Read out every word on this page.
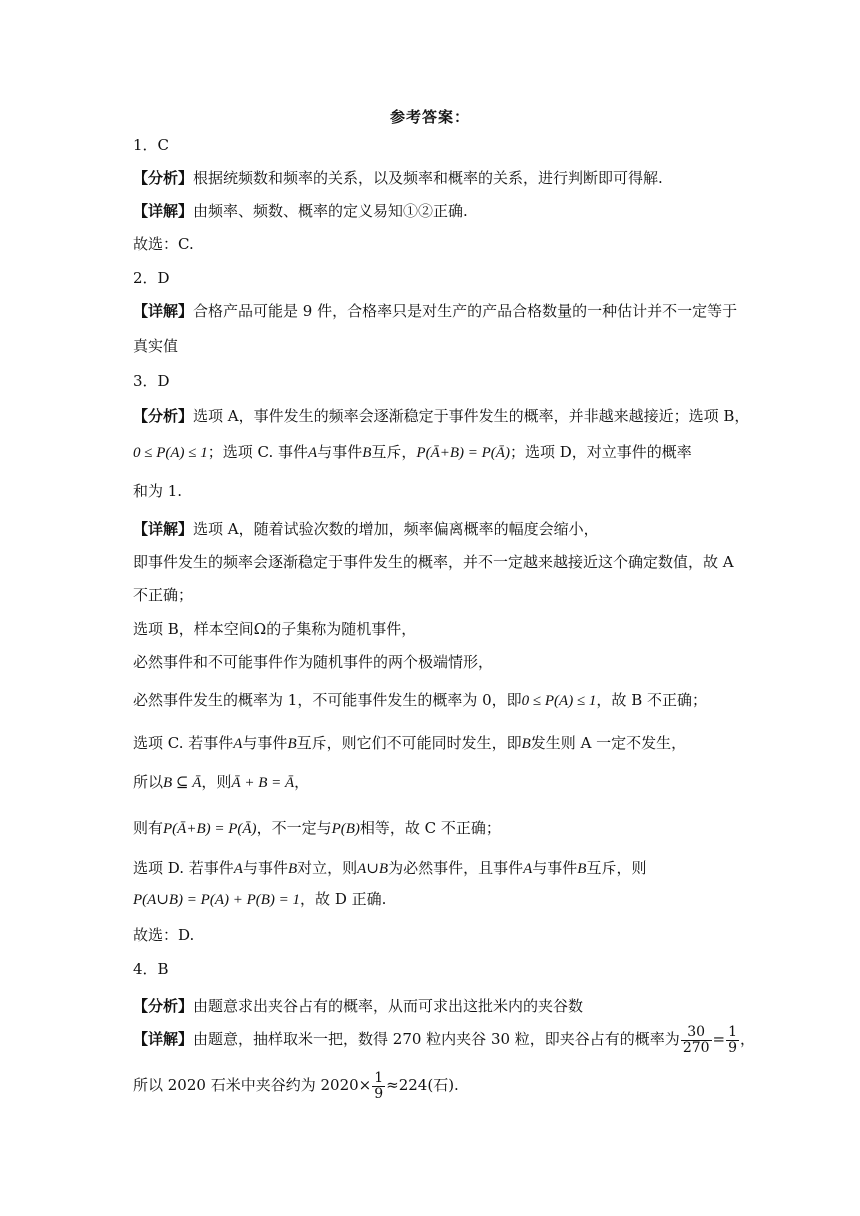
参考答案：
1．C
【分析】根据统频数和频率的关系，以及频率和概率的关系，进行判断即可得解.
【详解】由频率、频数、概率的定义易知①②正确.
故选：C.
2．D
【详解】合格产品可能是 9 件，合格率只是对生产的产品合格数量的一种估计并不一定等于
真实值
3．D
【分析】选项 A，事件发生的频率会逐渐稳定于事件发生的概率，并非越来越接近；选项 B，
0 ≤ P(A) ≤ 1；选项 C. 事件A与事件B互斥，P(Ā+B) = P(Ā)；选项 D，对立事件的概率
和为 1.
【详解】选项 A，随着试验次数的增加，频率偏离概率的幅度会缩小，
即事件发生的频率会逐渐稳定于事件发生的概率，并不一定越来越接近这个确定数值，故 A
不正确；
选项 B，样本空间Ω的子集称为随机事件，
必然事件和不可能事件作为随机事件的两个极端情形，
必然事件发生的概率为 1，不可能事件发生的概率为 0，即0 ≤ P(A) ≤ 1，故 B 不正确；
选项 C. 若事件A与事件B互斥，则它们不可能同时发生，即B发生则 A 一定不发生，
所以B ⊆ Ā，则Ā + B = Ā，
则有P(Ā+B) = P(Ā)，不一定与P(B)相等，故 C 不正确；
选项 D. 若事件A与事件B对立，则A∪B为必然事件，且事件A与事件B互斥，则
P(A∪B) = P(A) + P(B) = 1，故 D 正确.
故选：D.
4．B
【分析】由题意求出夹谷占有的概率，从而可求出这批米内的夹谷数
【详解】由题意，抽样取米一把，数得 270 粒内夹谷 30 粒，即夹谷占有的概率为 $\frac{30}{270} = \frac{1}{9}$ ，
所以 2020 石米中夹谷约为 $2020\times \frac{1}{9} \approx 224$(石).
